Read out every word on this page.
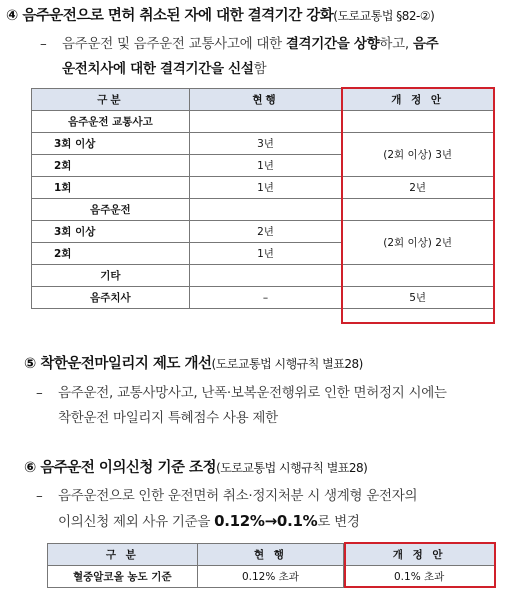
④ 음주운전으로 면허 취소된 자에 대한 결격기간 강화(도로교통법 §82-②)
– 음주운전 및 음주운전 교통사고에 대한 결격기간을 상향하고, 음주
운전치사에 대한 결격기간을 신설함
구분	현행	개 정 안
음주운전 교통사고		
3회 이상	3년	(2회 이상) 3년
2회	1년	
1회	1년	2년
음주운전		
3회 이상	2년	(2회 이상) 2년
2회	1년	
기타		
음주치사	–	5년
⑤ 착한운전마일리지 제도 개선(도로교통법 시행규칙 별표28)
– 음주운전, 교통사망사고, 난폭·보복운전행위로 인한 면허정지 시에는
착한운전 마일리지 특혜점수 사용 제한
⑥ 음주운전 이의신청 기준 조정(도로교통법 시행규칙 별표28)
– 음주운전으로 인한 운전면허 취소·정지처분 시 생계형 운전자의
이의신청 제외 사유 기준을 0.12%→0.1%로 변경
구 분	현 행	개 정 안
혈중알코올 농도 기준	0.12% 초과	0.1% 초과
